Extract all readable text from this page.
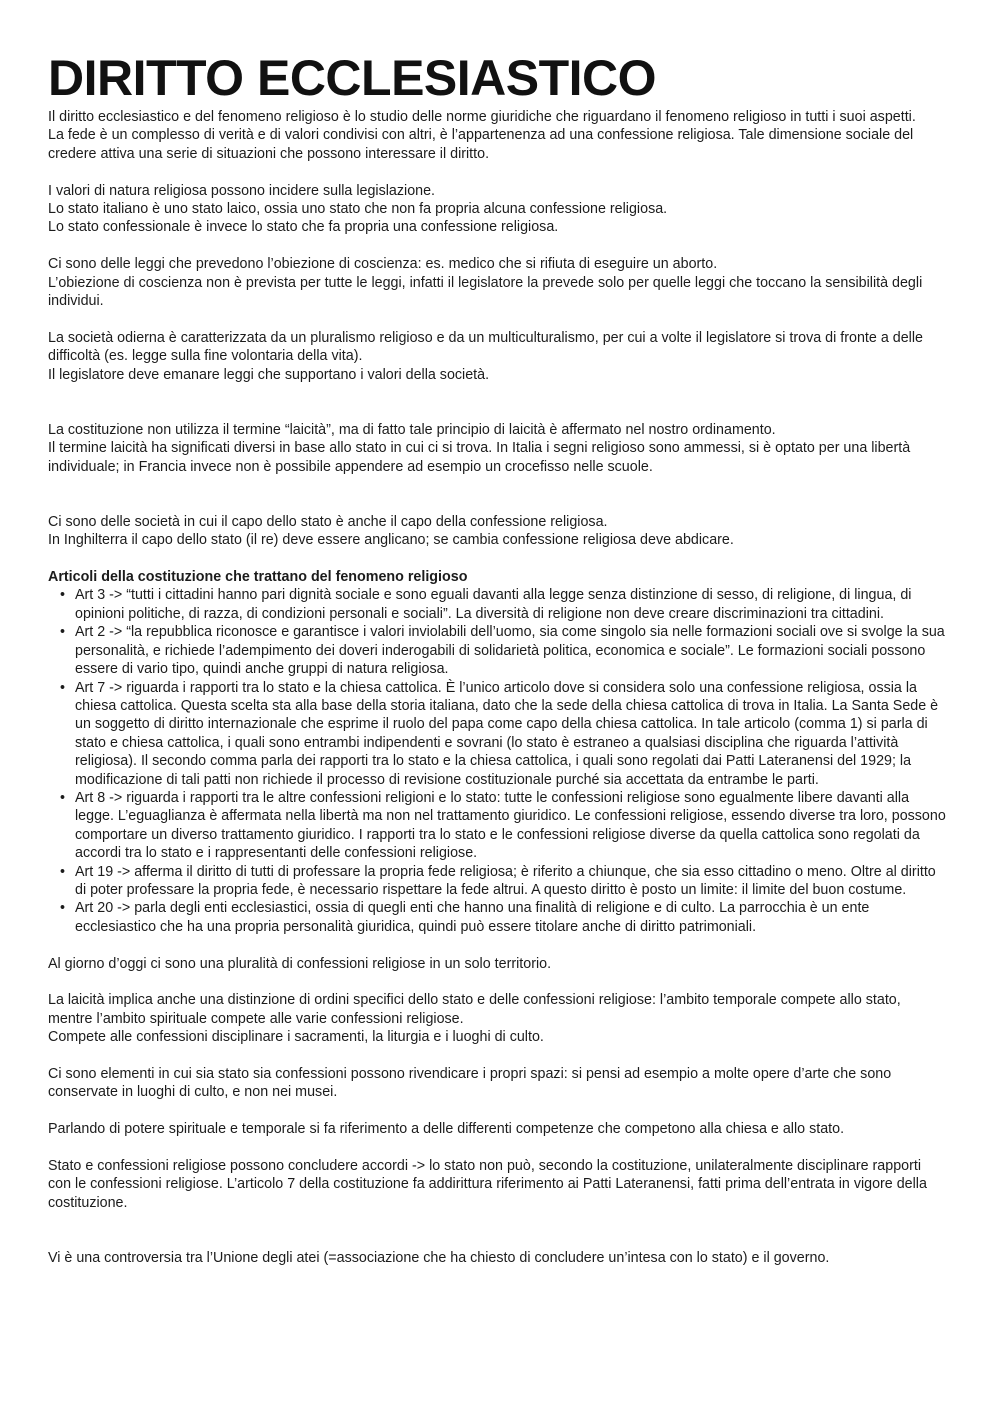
DIRITTO ECCLESIASTICO

Il diritto ecclesiastico e del fenomeno religioso è lo studio delle norme giuridiche che riguardano il fenomeno religioso in tutti i suoi aspetti.

La fede è un complesso di verità e di valori condivisi con altri, è l’appartenenza ad una confessione religiosa. Tale dimensione sociale del credere attiva una serie di situazioni che possono interessare il diritto.

I valori di natura religiosa possono incidere sulla legislazione.

Lo stato italiano è uno stato laico, ossia uno stato che non fa propria alcuna confessione religiosa.

Lo stato confessionale è invece lo stato che fa propria una confessione religiosa.

Ci sono delle leggi che prevedono l’obiezione di coscienza: es. medico che si rifiuta di eseguire un aborto.

L’obiezione di coscienza non è prevista per tutte le leggi, infatti il legislatore la prevede solo per quelle leggi che toccano la sensibilità degli individui.

La società odierna è caratterizzata da un pluralismo religioso e da un multiculturalismo, per cui a volte il legislatore si trova di fronte a delle difficoltà (es. legge sulla fine volontaria della vita).

Il legislatore deve emanare leggi che supportano i valori della società.

La costituzione non utilizza il termine “laicità”, ma di fatto tale principio di laicità è affermato nel nostro ordinamento.

Il termine laicità ha significati diversi in base allo stato in cui ci si trova. In Italia i segni religioso sono ammessi, si è optato per una libertà individuale; in Francia invece non è possibile appendere ad esempio un crocefisso nelle scuole.

Ci sono delle società in cui il capo dello stato è anche il capo della confessione religiosa.

In Inghilterra il capo dello stato (il re) deve essere anglicano; se cambia confessione religiosa deve abdicare.

Articoli della costituzione che trattano del fenomeno religioso

• Art 3 -> “tutti i cittadini hanno pari dignità sociale e sono eguali davanti alla legge senza distinzione di sesso, di religione, di lingua, di opinioni politiche, di razza, di condizioni personali e sociali”. La diversità di religione non deve creare discriminazioni tra cittadini.
• Art 2 -> “la repubblica riconosce e garantisce i valori inviolabili dell’uomo, sia come singolo sia nelle formazioni sociali ove si svolge la sua personalità, e richiede l’adempimento dei doveri inderogabili di solidarietà politica, economica e sociale”. Le formazioni sociali possono essere di vario tipo, quindi anche gruppi di natura religiosa.
• Art 7 -> riguarda i rapporti tra lo stato e la chiesa cattolica. È l’unico articolo dove si considera solo una confessione religiosa, ossia la chiesa cattolica. Questa scelta sta alla base della storia italiana, dato che la sede della chiesa cattolica di trova in Italia. La Santa Sede è un soggetto di diritto internazionale che esprime il ruolo del papa come capo della chiesa cattolica. In tale articolo (comma 1) si parla di stato e chiesa cattolica, i quali sono entrambi indipendenti e sovrani (lo stato è estraneo a qualsiasi disciplina che riguarda l’attività religiosa). Il secondo comma parla dei rapporti tra lo stato e la chiesa cattolica, i quali sono regolati dai Patti Lateranensi del 1929; la modificazione di tali patti non richiede il processo di revisione costituzionale purché sia accettata da entrambe le parti.
• Art 8 -> riguarda i rapporti tra le altre confessioni religioni e lo stato: tutte le confessioni religiose sono egualmente libere davanti alla legge. L’eguaglianza è affermata nella libertà ma non nel trattamento giuridico. Le confessioni religiose, essendo diverse tra loro, possono comportare un diverso trattamento giuridico. I rapporti tra lo stato e le confessioni religiose diverse da quella cattolica sono regolati da accordi tra lo stato e i rappresentanti delle confessioni religiose.
• Art 19 -> afferma il diritto di tutti di professare la propria fede religiosa; è riferito a chiunque, che sia esso cittadino o meno. Oltre al diritto di poter professare la propria fede, è necessario rispettare la fede altrui. A questo diritto è posto un limite: il limite del buon costume.
• Art 20 -> parla degli enti ecclesiastici, ossia di quegli enti che hanno una finalità di religione e di culto. La parrocchia è un ente ecclesiastico che ha una propria personalità giuridica, quindi può essere titolare anche di diritto patrimoniali.

Al giorno d’oggi ci sono una pluralità di confessioni religiose in un solo territorio.

La laicità implica anche una distinzione di ordini specifici dello stato e delle confessioni religiose: l’ambito temporale compete allo stato, mentre l’ambito spirituale compete alle varie confessioni religiose.

Compete alle confessioni disciplinare i sacramenti, la liturgia e i luoghi di culto.

Ci sono elementi in cui sia stato sia confessioni possono rivendicare i propri spazi: si pensi ad esempio a molte opere d’arte che sono conservate in luoghi di culto, e non nei musei.

Parlando di potere spirituale e temporale si fa riferimento a delle differenti competenze che competono alla chiesa e allo stato.

Stato e confessioni religiose possono concludere accordi -> lo stato non può, secondo la costituzione, unilateralmente disciplinare rapporti con le confessioni religiose. L’articolo 7 della costituzione fa addirittura riferimento ai Patti Lateranensi, fatti prima dell’entrata in vigore della costituzione.

Vi è una controversia tra l’Unione degli atei (=associazione che ha chiesto di concludere un’intesa con lo stato) e il governo.
